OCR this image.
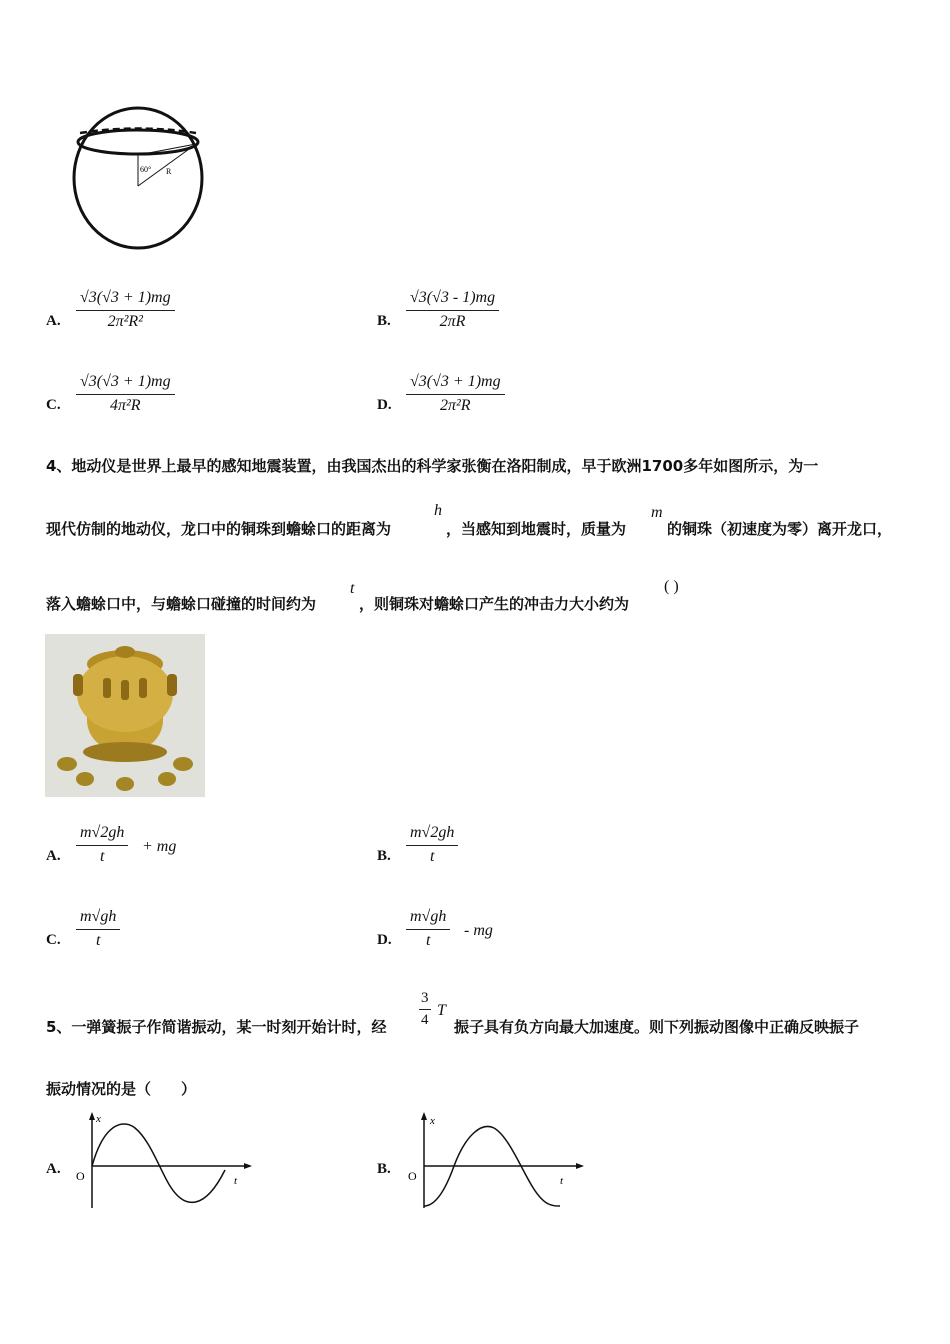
60° R
A. $\frac{√3(√3 + 1)mg}{\text{2π²R²}}$	B. $\frac{√3(√3 - 1)mg}{2\pi R}$
C. $\frac{√3(√3 + 1)mg}{\text{4π²R}}$	D. $\frac{√3(√3 + 1)mg}{\text{2π²R}}$
4、地动仪是世界上最早的感知地震装置，由我国杰出的科学家张衡在洛阳制成，早于欧洲1700多年如图所示，为一
现代仿制的地动仪，龙口中的铜珠到蟾蜍口的距离为
h
，当感知到地震时，质量为
m
的铜珠（初速度为零）离开龙口，
落入蟾蜍口中，与蟾蜍口碰撞的时间约为
t
，则铜珠对蟾蜍口产生的冲击力大小约为
( )
A. $\frac{m√2gh}{t}$ + mg
B. $\frac{m√2gh}{t}$
C. $\frac{m√gh}{t}$	D. $\frac{m√gh}{t}$ - mg
5、一弹簧振子作简谐振动，某一时刻开始计时，经 $\frac{3}{4}$ T
振子具有负方向最大加速度。则下列振动图像中正确反映振子
振动情况的是（　　）
A.
x
t
O	B.
x
t
O
